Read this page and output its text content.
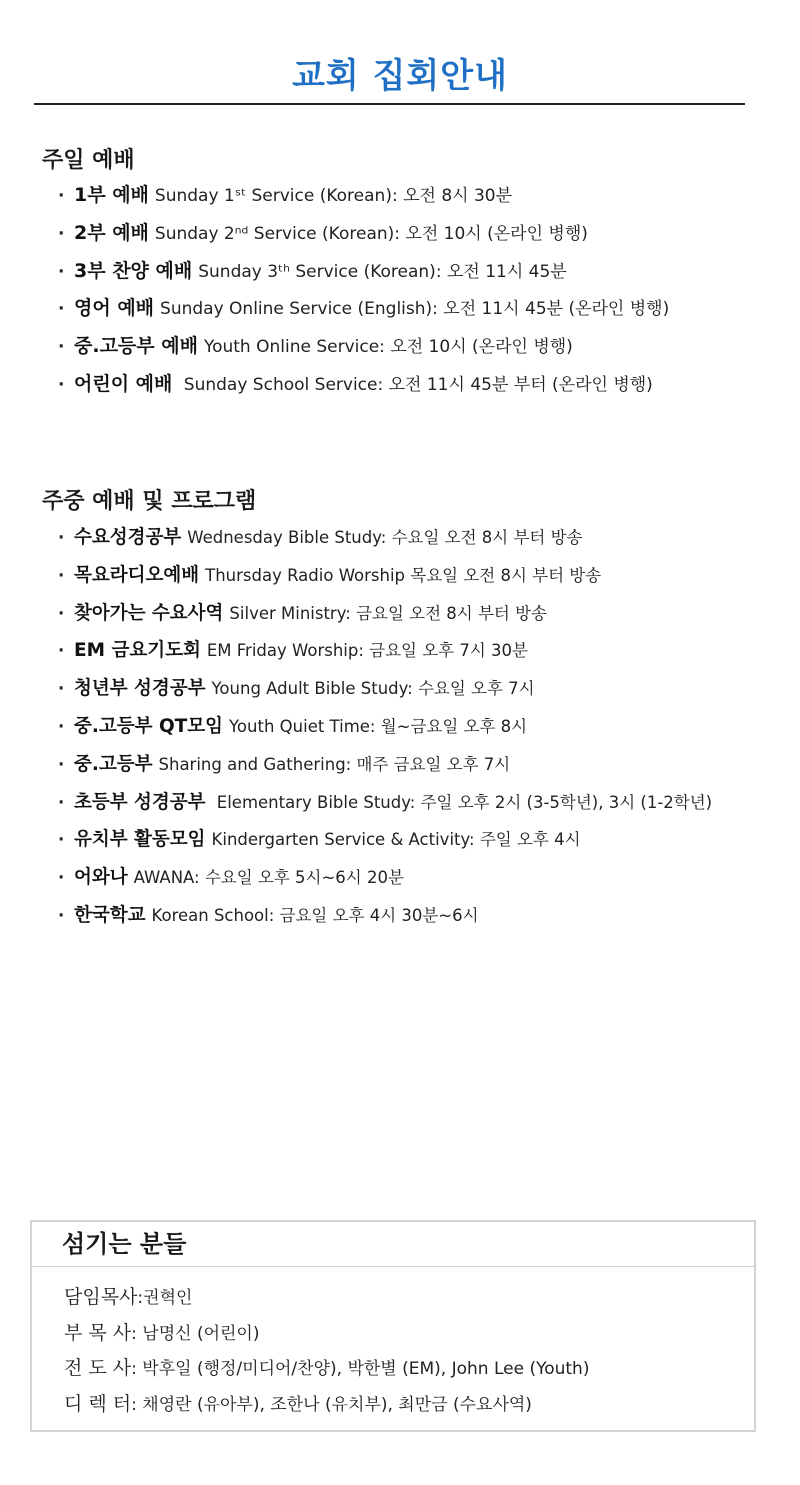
교회 집회안내
주일 예배
· 1부 예배 Sunday 1ˢᵗ Service (Korean): 오전 8시 30분
· 2부 예배 Sunday 2ⁿᵈ Service (Korean): 오전 10시 (온라인 병행)
· 3부 찬양 예배 Sunday 3ᵗʰ Service (Korean): 오전 11시 45분
· 영어 예배 Sunday Online Service (English): 오전 11시 45분 (온라인 병행)
· 중.고등부 예배 Youth Online Service: 오전 10시 (온라인 병행)
· 어린이 예배 Sunday School Service: 오전 11시 45분 부터 (온라인 병행)
주중 예배 및 프로그램
· 수요성경공부 Wednesday Bible Study: 수요일 오전 8시 부터 방송
· 목요라디오예배 Thursday Radio Worship 목요일 오전 8시 부터 방송
· 찾아가는 수요사역 Silver Ministry: 금요일 오전 8시 부터 방송
· EM 금요기도회 EM Friday Worship: 금요일 오후 7시 30분
· 청년부 성경공부 Young Adult Bible Study: 수요일 오후 7시
· 중.고등부 QT모임 Youth Quiet Time: 월~금요일 오후 8시
· 중.고등부 Sharing and Gathering: 매주 금요일 오후 7시
· 초등부 성경공부 Elementary Bible Study: 주일 오후 2시 (3-5학년), 3시 (1-2학년)
· 유치부 활동모임 Kindergarten Service & Activity: 주일 오후 4시
· 어와나 AWANA: 수요일 오후 5시~6시 20분
· 한국학교 Korean School: 금요일 오후 4시 30분~6시
섬기는 분들
담임목사:권혁인
부 목 사: 남명신 (어린이)
전 도 사: 박후일 (행정/미디어/찬양), 박한별 (EM), John Lee (Youth)
디 렉 터: 채영란 (유아부), 조한나 (유치부), 최만금 (수요사역)
